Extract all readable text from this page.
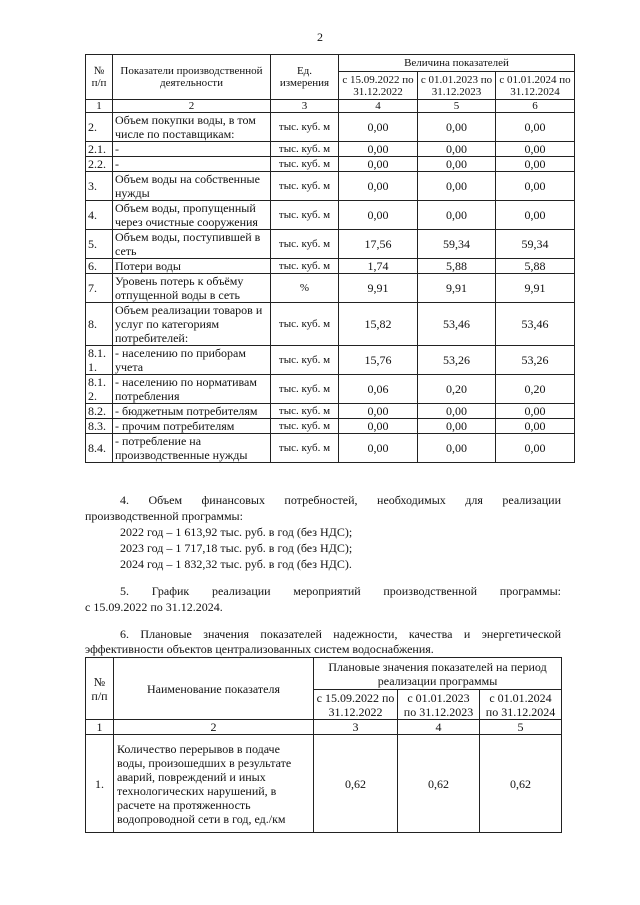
2
№ п/п	Показатели производственной деятельности	Ед. измерения	Величина показателей		
			с 15.09.2022 по 31.12.2022	с 01.01.2023 по 31.12.2023	с 01.01.2024 по 31.12.2024
1	2	3	4	5	6
2.	Объем покупки воды, в том числе по поставщикам:	тыс. куб. м	0,00	0,00	0,00
2.1.	-	тыс. куб. м	0,00	0,00	0,00
2.2.	-	тыс. куб. м	0,00	0,00	0,00
3.	Объем воды на собственные нужды	тыс. куб. м	0,00	0,00	0,00
4.	Объем воды, пропущенный через очистные сооружения	тыс. куб. м	0,00	0,00	0,00
5.	Объем воды, поступившей в сеть	тыс. куб. м	17,56	59,34	59,34
6.	Потери воды	тыс. куб. м	1,74	5,88	5,88
7.	Уровень потерь к объёму отпущенной воды в сеть	%	9,91	9,91	9,91
8.	Объем реализации товаров и услуг по категориям потребителей:	тыс. куб. м	15,82	53,46	53,46
8.1. 1.	- населению по приборам учета	тыс. куб. м	15,76	53,26	53,26
8.1. 2.	- населению по нормативам потребления	тыс. куб. м	0,06	0,20	0,20
8.2.	- бюджетным потребителям	тыс. куб. м	0,00	0,00	0,00
8.3.	- прочим потребителям	тыс. куб. м	0,00	0,00	0,00
8.4.	- потребление на производственные нужды	тыс. куб. м	0,00	0,00	0,00
4. Объем финансовых потребностей, необходимых для реализации
производственной программы:
2022 год – 1 613,92 тыс. руб. в год (без НДС);
2023 год – 1 717,18 тыс. руб. в год (без НДС);
2024 год – 1 832,32 тыс. руб. в год (без НДС).
5. График реализации мероприятий производственной программы:
с 15.09.2022 по 31.12.2024.
6. Плановые значения показателей надежности, качества и энергетической
эффективности объектов централизованных систем водоснабжения.
№ п/п	Наименование показателя	Плановые значения показателей на период реализации программы		
		с 15.09.2022 по 31.12.2022	с 01.01.2023 по 31.12.2023	с 01.01.2024 по 31.12.2024
1	2	3	4	5
1.	Количество перерывов в подаче воды, произошедших в результате аварий, повреждений и иных технологических нарушений, в расчете на протяженность водопроводной сети в год, ед./км	0,62	0,62	0,62
